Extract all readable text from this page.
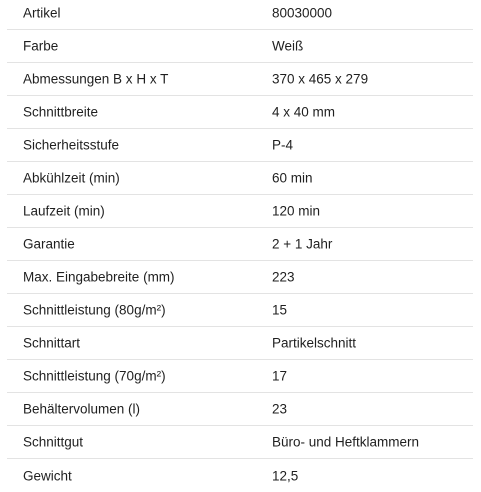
Artikel	80030000
Farbe	Weiß
Abmessungen B x H x T	370 x 465 x 279
Schnittbreite	4 x 40 mm
Sicherheitsstufe	P-4
Abkühlzeit (min)	60 min
Laufzeit (min)	120 min
Garantie	2 + 1 Jahr
Max. Eingabebreite (mm)	223
Schnittleistung (80g/m²)	15
Schnittart	Partikelschnitt
Schnittleistung (70g/m²)	17
Behältervolumen (l)	23
Schnittgut	Büro- und Heftklammern
Gewicht	12,5
